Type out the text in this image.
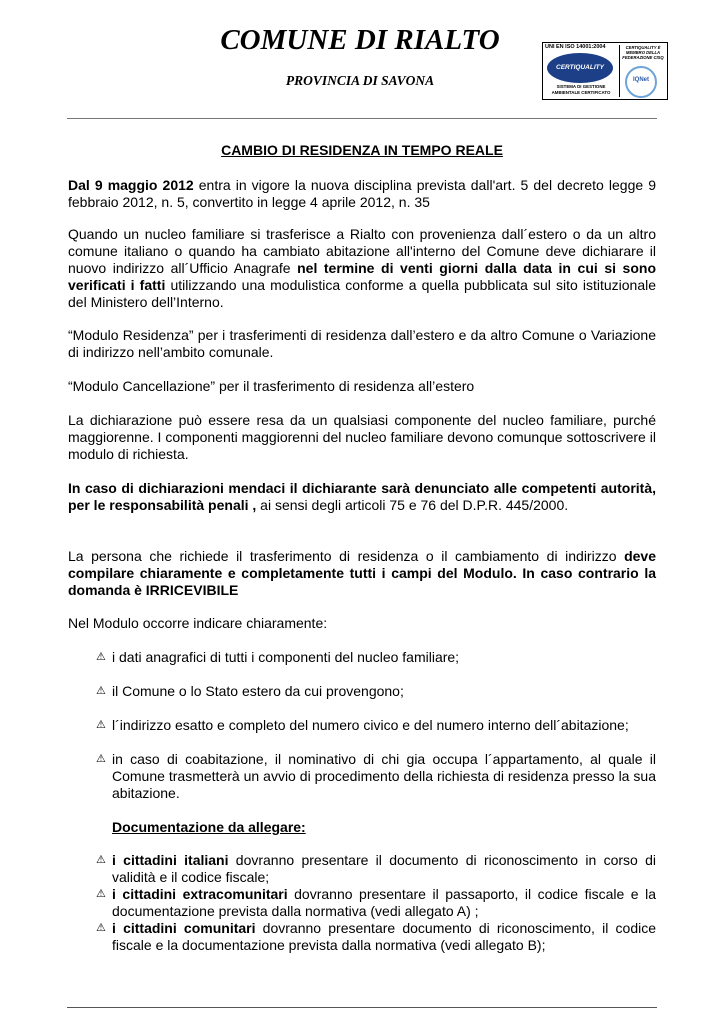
COMUNE DI RIALTO
PROVINCIA DI SAVONA
UNI EN ISO 14001:2004
CERTIQUALITY
SISTEMA DI GESTIONE AMBIENTALE CERTIFICATO
CERTIQUALITY È MEMBRO DELLA FEDERAZIONE CISQ
IQNet
CAMBIO DI RESIDENZA IN TEMPO REALE
Dal 9 maggio 2012 entra in vigore la nuova disciplina prevista dall'art. 5 del decreto legge 9 febbraio 2012, n. 5, convertito in legge 4 aprile 2012, n. 35
Quando un nucleo familiare si trasferisce a Rialto con provenienza dall´estero o da un altro comune italiano o quando ha cambiato abitazione all'interno del Comune deve dichiarare il nuovo indirizzo all´Ufficio Anagrafe nel termine di venti giorni dalla data in cui si sono verificati i fatti utilizzando una modulistica conforme a quella pubblicata sul sito istituzionale del Ministero dell’Interno.
“Modulo Residenza” per i trasferimenti di residenza dall’estero e da altro Comune o Variazione di indirizzo nell’ambito comunale.
“Modulo Cancellazione” per il trasferimento di residenza all’estero
La dichiarazione può essere resa da un qualsiasi componente del nucleo familiare, purché maggiorenne. I componenti maggiorenni del nucleo familiare devono comunque sottoscrivere il modulo di richiesta.
In caso di dichiarazioni mendaci il dichiarante sarà denunciato alle competenti autorità, per le responsabilità penali , ai sensi degli articoli 75 e 76 del D.P.R. 445/2000.
La persona che richiede il trasferimento di residenza o il cambiamento di indirizzo deve compilare chiaramente e completamente tutti i campi del Modulo. In caso contrario la domanda è IRRICEVIBILE
Nel Modulo occorre indicare chiaramente:
⚠ i dati anagrafici di tutti i componenti del nucleo familiare;
⚠ il Comune o lo Stato estero da cui provengono;
⚠ l´indirizzo esatto e completo del numero civico e del numero interno dell´abitazione;
⚠ in caso di coabitazione, il nominativo di chi gia occupa l´appartamento, al quale il Comune trasmetterà un avvio di procedimento della richiesta di residenza presso la sua abitazione.
Documentazione da allegare:
⚠ i cittadini italiani dovranno presentare il documento di riconoscimento in corso di validità e il codice fiscale;
⚠ i cittadini extracomunitari dovranno presentare il passaporto, il codice fiscale e la documentazione prevista dalla normativa (vedi allegato A) ;
⚠ i cittadini comunitari dovranno presentare documento di riconoscimento, il codice fiscale e la documentazione prevista dalla normativa (vedi allegato B);
